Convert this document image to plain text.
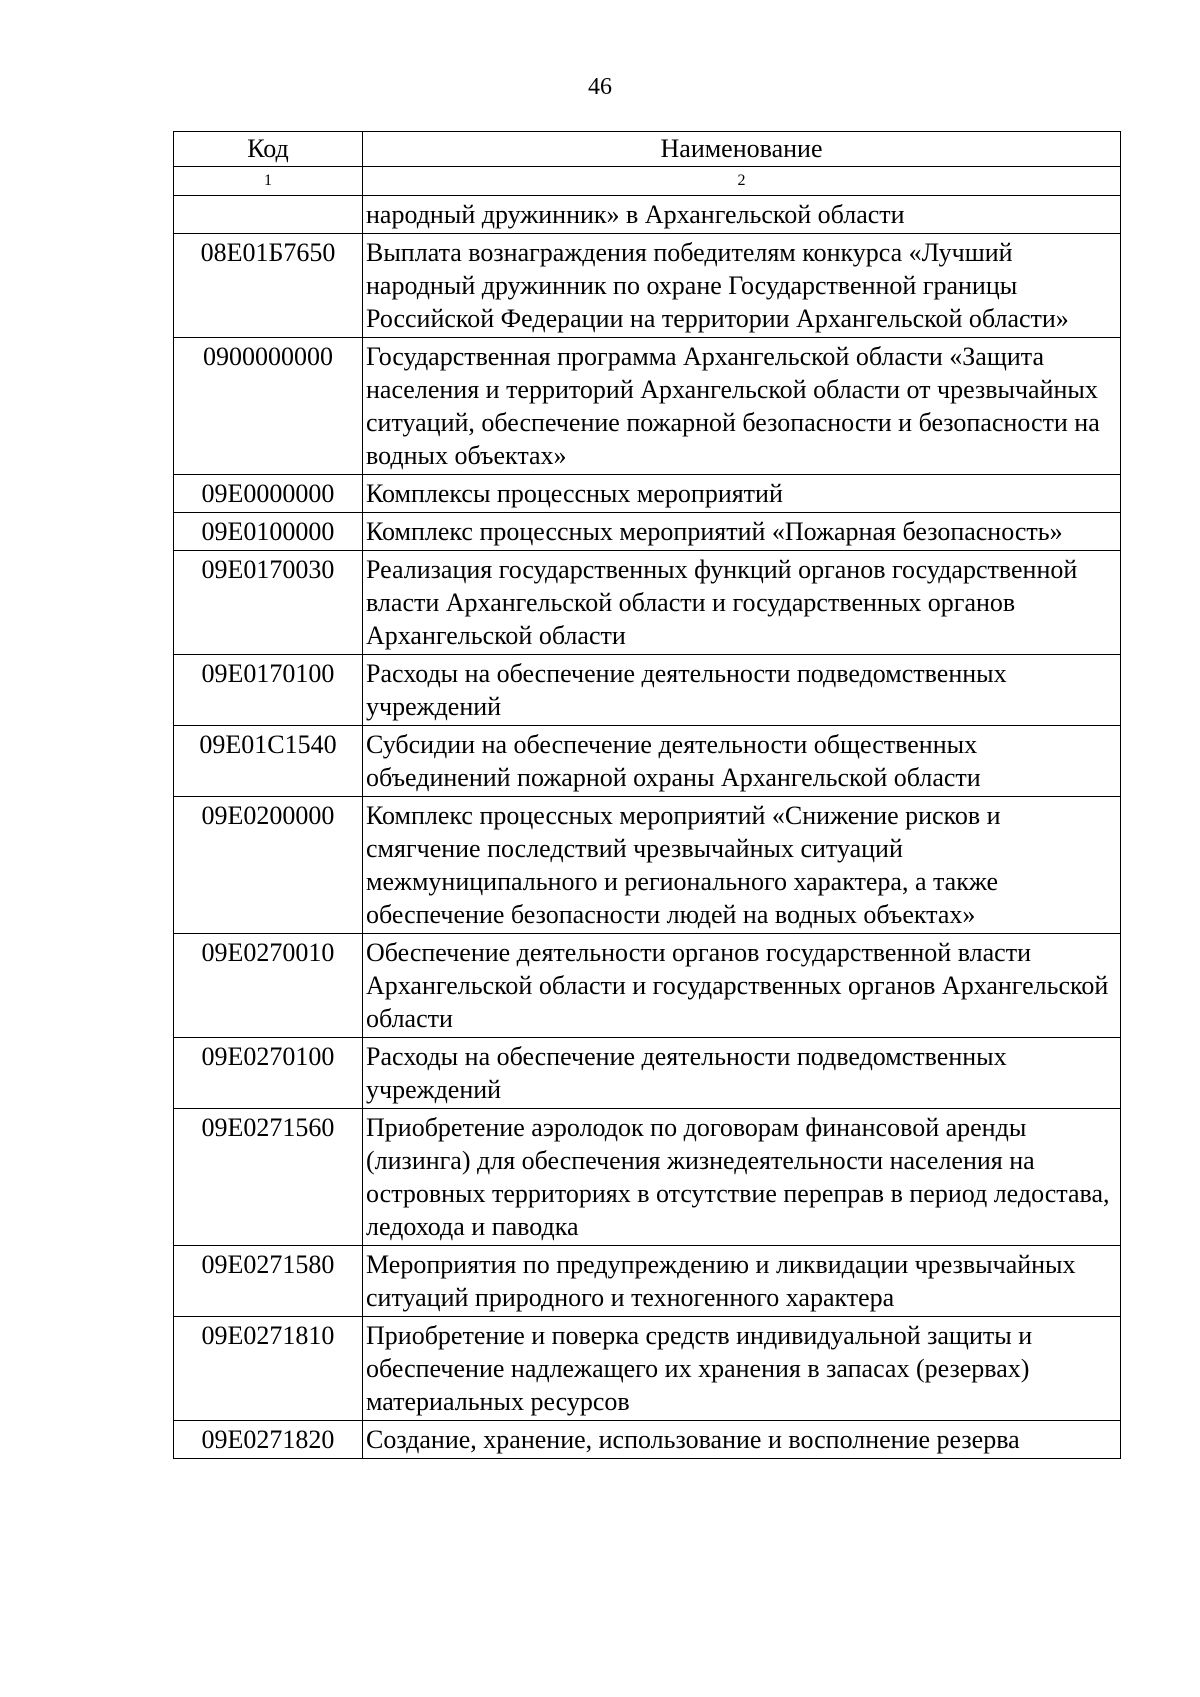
46
Код	Наименование
1	2
	народный дружинник» в Архангельской области
08Е01Б7650	Выплата вознаграждения победителям конкурса «Лучший народный дружинник по охране Государственной границы Российской Федерации на территории Архангельской области»
0900000000	Государственная программа Архангельской области «Защита населения и территорий Архангельской области от чрезвычайных ситуаций, обеспечение пожарной безопасности и безопасности на водных объектах»
09Е0000000	Комплексы процессных мероприятий
09Е0100000	Комплекс процессных мероприятий «Пожарная безопасность»
09Е0170030	Реализация государственных функций органов государственной власти Архангельской области и государственных органов Архангельской области
09Е0170100	Расходы на обеспечение деятельности подведомственных учреждений
09Е01С1540	Субсидии на обеспечение деятельности общественных объединений пожарной охраны Архангельской области
09Е0200000	Комплекс процессных мероприятий «Снижение рисков и смягчение последствий чрезвычайных ситуаций межмуниципального и регионального характера, а также обеспечение безопасности людей на водных объектах»
09Е0270010	Обеспечение деятельности органов государственной власти Архангельской области и государственных органов Архангельской области
09Е0270100	Расходы на обеспечение деятельности подведомственных учреждений
09Е0271560	Приобретение аэролодок по договорам финансовой аренды (лизинга) для обеспечения жизнедеятельности населения на островных территориях в отсутствие переправ в период ледостава, ледохода и паводка
09Е0271580	Мероприятия по предупреждению и ликвидации чрезвычайных ситуаций природного и техногенного характера
09Е0271810	Приобретение и поверка средств индивидуальной защиты и обеспечение надлежащего их хранения в запасах (резервах) материальных ресурсов
09Е0271820	Создание, хранение, использование и восполнение резерва
